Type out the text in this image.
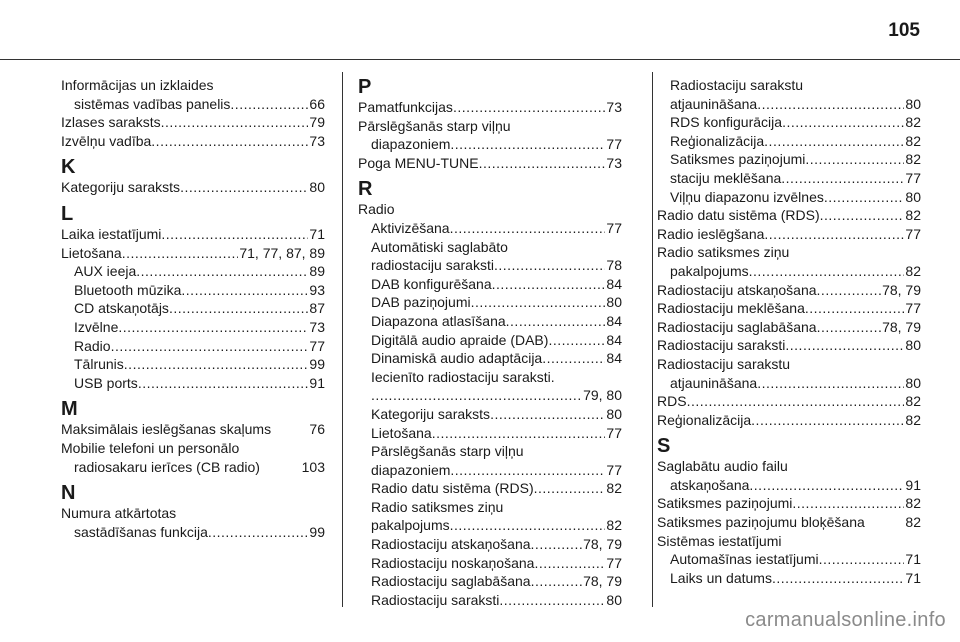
105
Informācijas un izklaides
sistēmas vadības panelis .....	66
Izlases saraksts .....	79
Izvēlņu vadība .....	73
K
Kategoriju saraksts .....	80
L
Laika iestatījumi .....	71
Lietošana .....	71, 77, 87, 89
AUX ieeja .....	89
Bluetooth mūzika .....	93
CD atskaņotājs .....	87
Izvēlne .....	73
Radio .....	77
Tālrunis .....	99
USB ports .....	91
M
Maksimālais ieslēgšanas skaļums	76
Mobilie telefoni un personālo
radiosakaru ierīces (CB radio)	103
N
Numura atkārtotas
sastādīšanas funkcija .....	99
P
Pamatfunkcijas .....	73
Pārslēgšanās starp viļņu
diapazoniem .....	77
Poga MENU-TUNE .....	73
R
Radio
Aktivizēšana .....	77
Automātiski saglabāto
radiostaciju saraksti .....	78
DAB konfigurēšana .....	84
DAB paziņojumi .....	80
Diapazona atlasīšana .....	84
Digitālā audio apraide (DAB) .....	84
Dinamiskā audio adaptācija .....	84
Iecienīto radiostaciju saraksti.
.....
79, 80
Kategoriju saraksts .....	80
Lietošana .....	77
Pārslēgšanās starp viļņu
diapazoniem .....	77
Radio datu sistēma (RDS) .....	82
Radio satiksmes ziņu
pakalpojums .....	82
Radiostaciju atskaņošana .....	78, 79
Radiostaciju noskaņošana .....	77
Radiostaciju saglabāšana .....	78, 79
Radiostaciju saraksti .....	80
Radiostaciju sarakstu
atjaunināšana .....	80
RDS konfigurācija .....	82
Reģionalizācija .....	82
Satiksmes paziņojumi .....	82
staciju meklēšana .....	77
Viļņu diapazonu izvēlnes .....	80
Radio datu sistēma (RDS) .....	82
Radio ieslēgšana .....	77
Radio satiksmes ziņu
pakalpojums .....	82
Radiostaciju atskaņošana .....	78, 79
Radiostaciju meklēšana .....	77
Radiostaciju saglabāšana .....	78, 79
Radiostaciju saraksti .....	80
Radiostaciju sarakstu
atjaunināšana .....	80
RDS .....	82
Reģionalizācija .....	82
S
Saglabātu audio failu
atskaņošana .....	91
Satiksmes paziņojumi .....	82
Satiksmes paziņojumu bloķēšana	82
Sistēmas iestatījumi
Automašīnas iestatījumi .....	71
Laiks un datums .....	71
carmanualsonline.info
